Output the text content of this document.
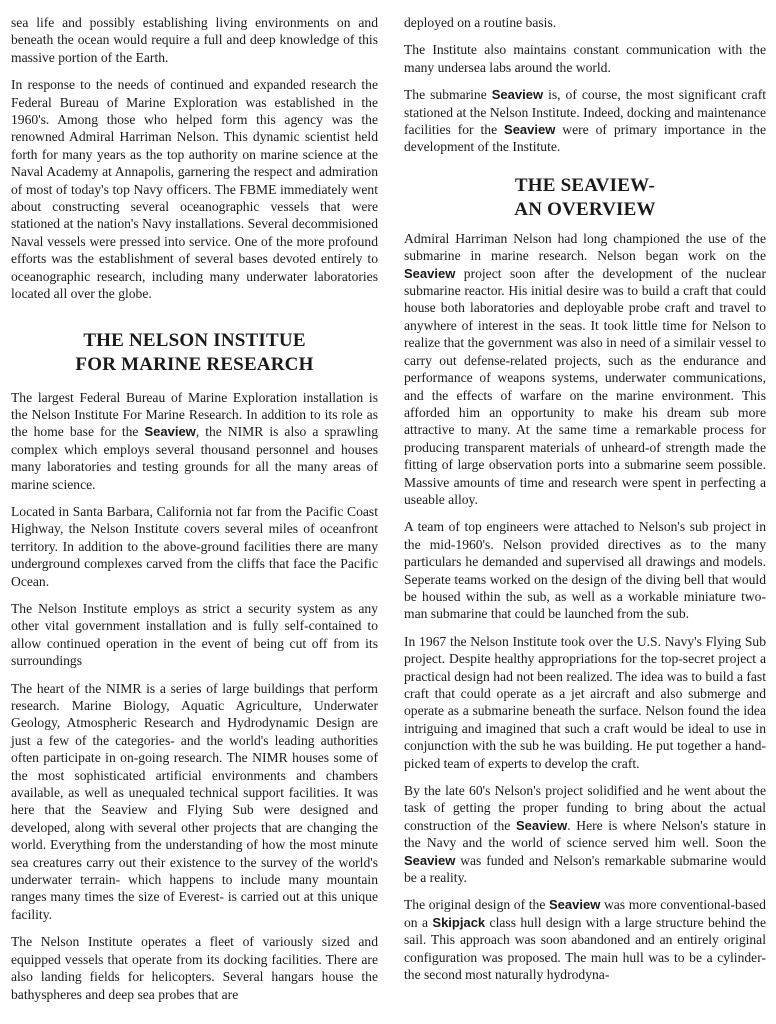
sea life and possibly establishing living environments on and beneath the ocean would require a full and deep knowledge of this massive portion of the Earth.

In response to the needs of continued and expanded research the Federal Bureau of Marine Exploration was established in the 1960's. Among those who helped form this agency was the renowned Admiral Harriman Nelson. This dynamic scientist held forth for many years as the top authority on marine science at the Naval Academy at Annapolis, garnering the respect and admiration of most of today's top Navy officers. The FBME immediately went about constructing several oceanographic vessels that were stationed at the nation's Navy installations. Several decommisioned Naval vessels were pressed into service. One of the more profound efforts was the establishment of several bases devoted entirely to oceanographic research, including many underwater laboratories located all over the globe.

THE NELSON INSTITUE
FOR MARINE RESEARCH

The largest Federal Bureau of Marine Exploration installation is the Nelson Institute For Marine Research. In addition to its role as the home base for the Seaview, the NIMR is also a sprawling complex which employs several thousand personnel and houses many laboratories and testing grounds for all the many areas of marine science.

Located in Santa Barbara, California not far from the Pacific Coast Highway, the Nelson Institute covers several miles of oceanfront territory. In addition to the above-ground facilities there are many underground complexes carved from the cliffs that face the Pacific Ocean.

The Nelson Institute employs as strict a security system as any other vital government installation and is fully self-contained to allow continued operation in the event of being cut off from its surroundings

The heart of the NIMR is a series of large buildings that perform research. Marine Biology, Aquatic Agriculture, Underwater Geology, Atmospheric Research and Hydrodynamic Design are just a few of the categories- and the world's leading authorities often participate in on-going research. The NIMR houses some of the most sophisticated artificial environments and chambers available, as well as unequaled technical support facilities. It was here that the Seaview and Flying Sub were designed and developed, along with several other projects that are changing the world. Everything from the understanding of how the most minute sea creatures carry out their existence to the survey of the world's underwater terrain- which happens to include many mountain ranges many times the size of Everest- is carried out at this unique facility.

The Nelson Institute operates a fleet of variously sized and equipped vessels that operate from its docking facilities. There are also landing fields for helicopters. Several hangars house the bathyspheres and deep sea probes that are

deployed on a routine basis.

The Institute also maintains constant communication with the many undersea labs around the world.

The submarine Seaview is, of course, the most significant craft stationed at the Nelson Institute. Indeed, docking and maintenance facilities for the Seaview were of primary importance in the development of the Institute.

THE SEAVIEW-
AN OVERVIEW

Admiral Harriman Nelson had long championed the use of the submarine in marine research. Nelson began work on the Seaview project soon after the development of the nuclear submarine reactor. His initial desire was to build a craft that could house both laboratories and deployable probe craft and travel to anywhere of interest in the seas. It took little time for Nelson to realize that the government was also in need of a similair vessel to carry out defense-related projects, such as the endurance and performance of weapons systems, underwater communications, and the effects of warfare on the marine environment. This afforded him an opportunity to make his dream sub more attractive to many. At the same time a remarkable process for producing transparent materials of unheard-of strength made the fitting of large observation ports into a submarine seem possible. Massive amounts of time and research were spent in perfecting a useable alloy.

A team of top engineers were attached to Nelson's sub project in the mid-1960's. Nelson provided directives as to the many particulars he demanded and supervised all drawings and models. Seperate teams worked on the design of the diving bell that would be housed within the sub, as well as a workable miniature two-man submarine that could be launched from the sub.

In 1967 the Nelson Institute took over the U.S. Navy's Flying Sub project. Despite healthy appropriations for the top-secret project a practical design had not been realized. The idea was to build a fast craft that could operate as a jet aircraft and also submerge and operate as a submarine beneath the surface. Nelson found the idea intriguing and imagined that such a craft would be ideal to use in conjunction with the sub he was building. He put together a hand-picked team of experts to develop the craft.

By the late 60's Nelson's project solidified and he went about the task of getting the proper funding to bring about the actual construction of the Seaview. Here is where Nelson's stature in the Navy and the world of science served him well. Soon the Seaview was funded and Nelson's remarkable submarine would be a reality.

The original design of the Seaview was more conventional-based on a Skipjack class hull design with a large structure behind the sail. This approach was soon abandoned and an entirely original configuration was proposed. The main hull was to be a cylinder- the second most naturally hydrodyna-
